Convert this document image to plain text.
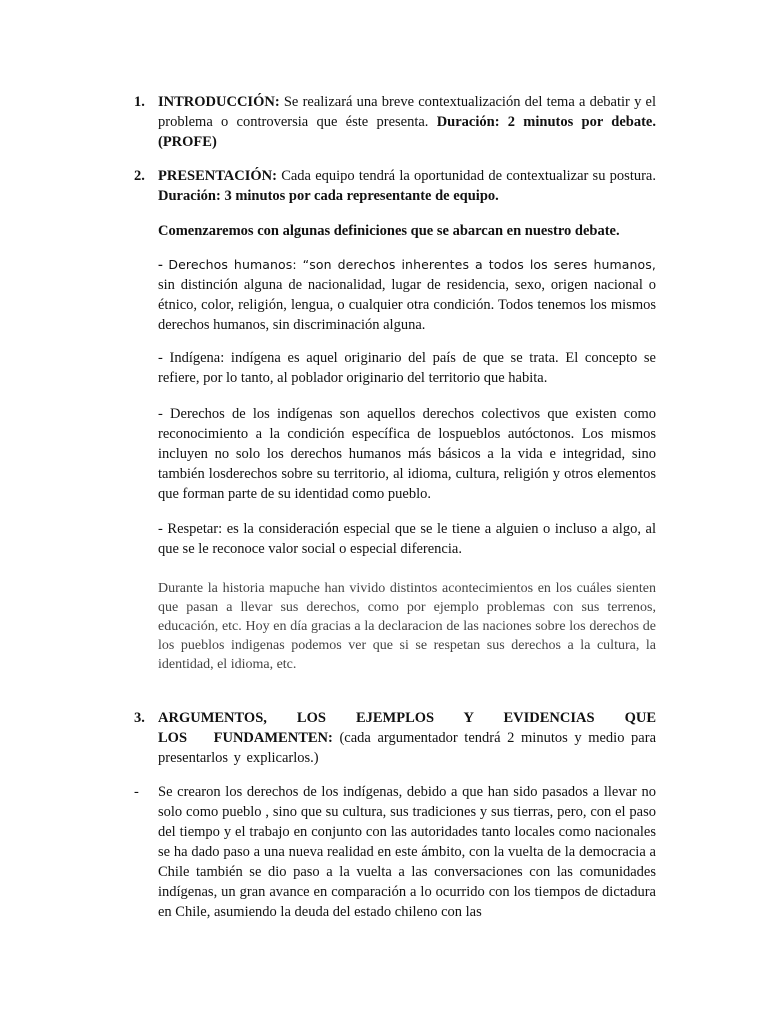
1. INTRODUCCIÓN: Se realizará una breve contextualización del tema a debatir y el problema o controversia que éste presenta. Duración: 2 minutos por debate. (PROFE)
2. PRESENTACIÓN: Cada equipo tendrá la oportunidad de contextualizar su postura. Duración: 3 minutos por cada representante de equipo.
Comenzaremos con algunas definiciones que se abarcan en nuestro debate.
- Derechos humanos: “son derechos inherentes a todos los seres humanos, sin distinción alguna de nacionalidad, lugar de residencia, sexo, origen nacional o étnico, color, religión, lengua, o cualquier otra condición. Todos tenemos los mismos derechos humanos, sin discriminación alguna.
- Indígena: indígena es aquel originario del país de que se trata. El concepto se refiere, por lo tanto, al poblador originario del territorio que habita.
- Derechos de los indígenas son aquellos derechos colectivos que existen como reconocimiento a la condición específica de lospueblos autóctonos. Los mismos incluyen no solo los derechos humanos más básicos a la vida e integridad, sino también losderechos sobre su territorio, al idioma, cultura, religión y otros elementos que forman parte de su identidad como pueblo.
- Respetar: es la consideración especial que se le tiene a alguien o incluso a algo, al que se le reconoce valor social o especial diferencia.
Durante la historia mapuche han vivido distintos acontecimientos en los cuáles sienten que pasan a llevar sus derechos, como por ejemplo problemas con sus terrenos, educación, etc. Hoy en día gracias a la declaracion de las naciones sobre los derechos de los pueblos indigenas podemos ver que si se respetan sus derechos a la cultura, la identidad, el idioma, etc.
3. ARGUMENTOS, LOS EJEMPLOS Y EVIDENCIAS QUE LOS FUNDAMENTEN: (cada argumentador tendrá 2 minutos y medio para presentarlos y explicarlos.)
- Se crearon los derechos de los indígenas, debido a que han sido pasados a llevar no solo como pueblo , sino que su cultura, sus tradiciones y sus tierras, pero, con el paso del tiempo y el trabajo en conjunto con las autoridades tanto locales como nacionales se ha dado paso a una nueva realidad en este ámbito, con la vuelta de la democracia a Chile también se dio paso a la vuelta a las conversaciones con las comunidades indígenas, un gran avance en comparación a lo ocurrido con los tiempos de dictadura en Chile, asumiendo la deuda del estado chileno con las
